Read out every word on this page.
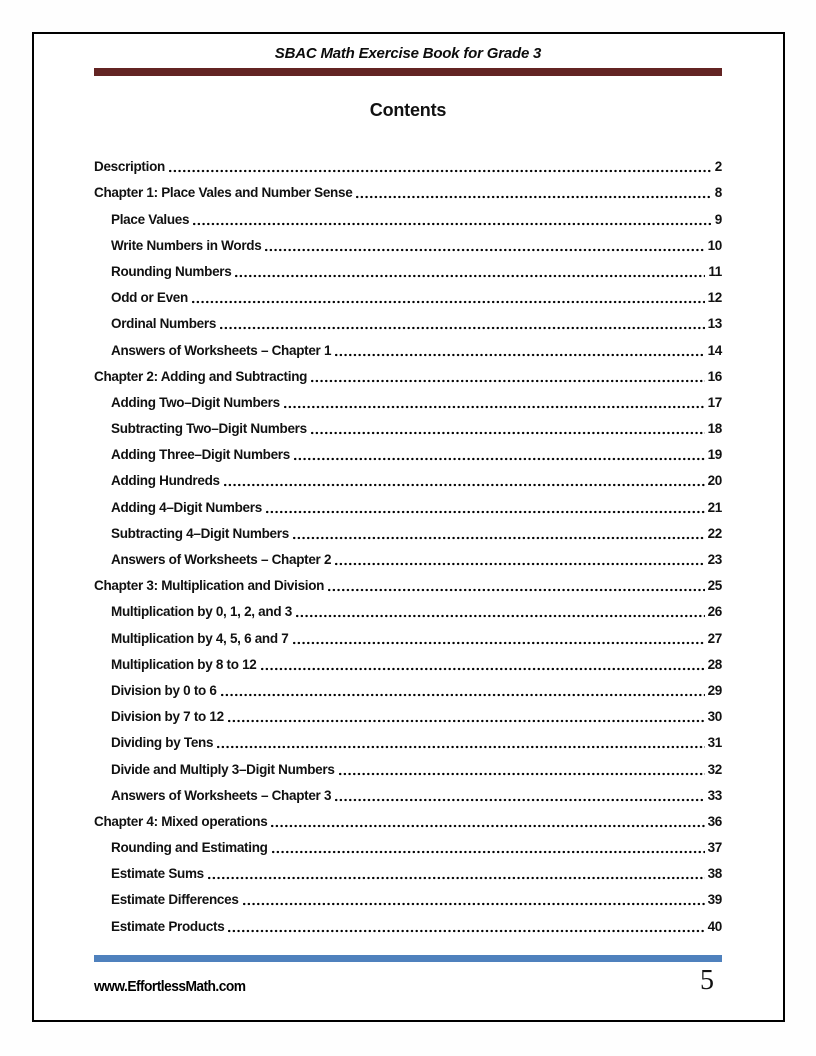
SBAC Math Exercise Book for Grade 3
Contents
Description	2
Chapter 1: Place Vales and Number Sense	8
Place Values	9
Write Numbers in Words	10
Rounding Numbers	11
Odd or Even	12
Ordinal Numbers	13
Answers of Worksheets – Chapter 1	14
Chapter 2: Adding and Subtracting	16
Adding Two–Digit Numbers	17
Subtracting Two–Digit Numbers	18
Adding Three–Digit Numbers	19
Adding Hundreds	20
Adding 4–Digit Numbers	21
Subtracting 4–Digit Numbers	22
Answers of Worksheets – Chapter 2	23
Chapter 3: Multiplication and Division	25
Multiplication by 0, 1, 2, and 3	26
Multiplication by 4, 5, 6 and 7	27
Multiplication by 8 to 12	28
Division by 0 to 6	29
Division by 7 to 12	30
Dividing by Tens	31
Divide and Multiply 3–Digit Numbers	32
Answers of Worksheets – Chapter 3	33
Chapter 4: Mixed operations	36
Rounding and Estimating	37
Estimate Sums	38
Estimate Differences	39
Estimate Products	40
www.EffortlessMath.com	5
